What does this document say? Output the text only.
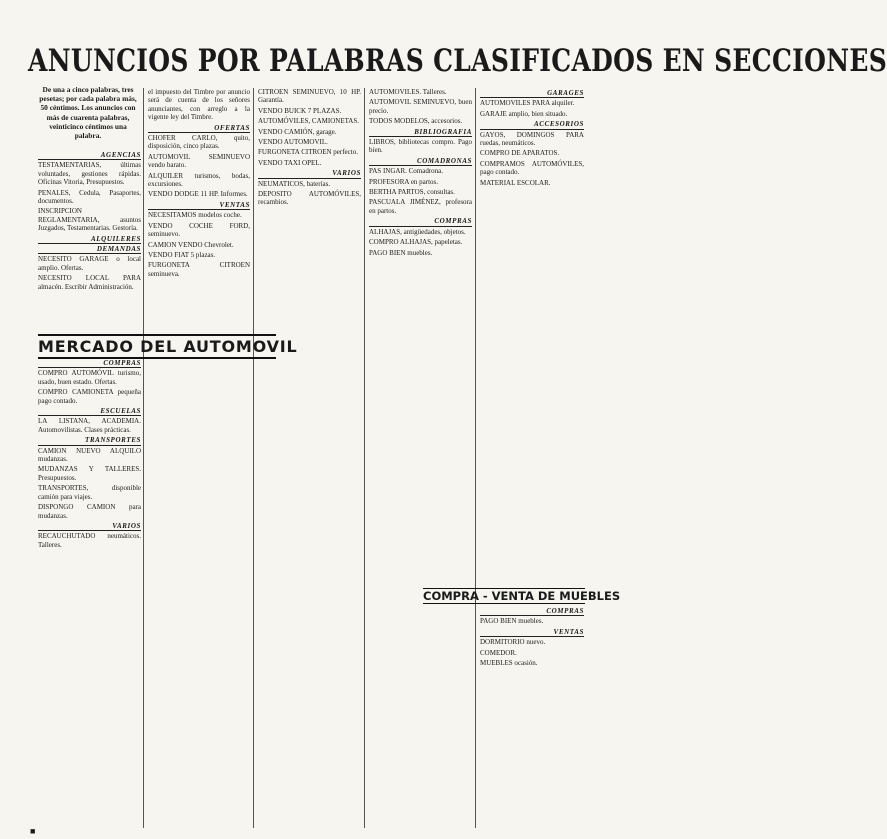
ANUNCIOS POR PALABRAS CLASIFICADOS EN SECCIONES
De una a cinco palabras, tres pesetas; por cada palabra más, 50 céntimos. Los anuncios con más de cuarenta palabras, veinticinco céntimos una palabra.
AGENCIAS
TESTAMENTARIAS, últimas voluntades, gestiones rápidas. Oficinas Vitoria, Presupuestos.
PENALES, Cedula, Pasaportes, documentos.
INSCRIPCION REGLAMENTARIA, asuntos Juzgados, Testamentarias. Gestoría.
ALQUILERES
DEMANDAS
NECESITO GARAGE o local amplio. Ofertas.
NECESITO LOCAL PARA almacén. Escribir Administración.
MERCADO DEL AUTOMOVIL
COMPRAS
COMPRO AUTOMÓVIL turismo, usado, buen estado. Ofertas.
COMPRO CAMIONETA pequeña pago contado.
ESCUELAS
LA LISTANA, ACADEMIA. Automovilistas. Clases prácticas.
TRANSPORTES
CAMION NUEVO ALQUILO mudanzas.
MUDANZAS Y TALLERES. Presupuestos.
TRANSPORTES, disponible camión para viajes.
DISPONGO CAMION para mudanzas.
VARIOS
RECAUCHUTADO neumáticos. Talleres.
el impuesto del Timbre por anuncio será de cuenta de los señores anunciantes, con arreglo a la vigente ley del Timbre.
OFERTAS
CHOFER CARLO, quito, disposición, cinco plazas.
AUTOMOVIL SEMINUEVO vendo barato.
ALQUILER turismos, bodas, excursiones.
VENDO DODGE 11 HP. Informes.
VENTAS
NECESITAMOS modelos coche.
VENDO COCHE FORD, seminuevo.
CAMION VENDO Chevrolet.
VENDO FIAT 5 plazas.
FURGONETA CITROEN seminueva.
CITROEN SEMINUEVO, 10 HP. Garantía.
VENDO BUICK 7 PLAZAS.
AUTOMÓVILES, CAMIONETAS.
VENDO CAMIÓN, garage.
VENDO AUTOMOVIL.
FURGONETA CITROEN perfecto.
VENDO TAXI OPEL.
VARIOS
NEUMATICOS, baterías.
DEPOSITO AUTOMÓVILES, recambios.
AUTOMOVILES. Talleres.
AUTOMOVIL SEMINUEVO, buen precio.
TODOS MODELOS, accesorios.
BIBLIOGRAFIA
LIBROS, bibliotecas compro. Pago bien.
COMADRONAS
PAS INGAR. Comadrona.
PROFESORA en partos.
BERTHA PARTOS, consultas.
PASCUALA JIMÉNEZ, profesora en partos.
COMPRAS
ALHAJAS, antigüedades, objetos.
COMPRO ALHAJAS, papeletas.
PAGO BIEN muebles.
GARAGES
AUTOMOVILES PARA alquiler.
GARAJE amplio, bien situado.
ACCESORIOS
GAYOS, DOMINGOS PARA ruedas, neumáticos.
COMPRO DE APARATOS.
COMPRAMOS AUTOMÓVILES, pago contado.
MATERIAL ESCOLAR.
COMPRA - VENTA DE MUEBLES
COMPRAS
PAGO BIEN muebles.
VENTAS
DORMITORIO nuevo.
COMEDOR.
MUEBLES ocasión.
■
